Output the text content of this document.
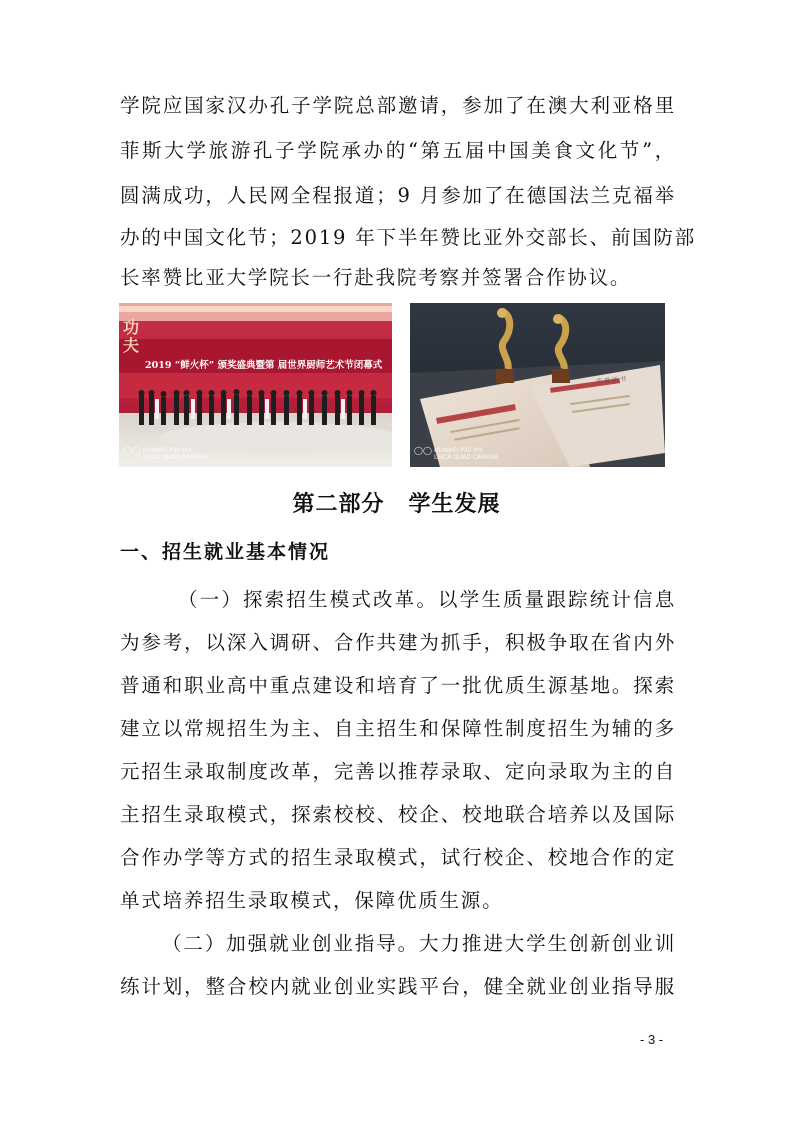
学院应国家汉办孔子学院总部邀请，参加了在澳大利亚格里
菲斯大学旅游孔子学院承办的“第五届中国美食文化节”，
圆满成功，人民网全程报道；9 月参加了在德国法兰克福举
办的中国文化节；2019 年下半年赞比亚外交部长、前国防部
长率赞比亚大学院长一行赴我院考察并签署合作协议。
功
夫
2019 “鲜火杯” 颁奖盛典暨第 届世界厨师艺术节闭幕式
◯◯ HUAWEI P30 Pro
LEICA QUAD CAMERA
荣誉证书
◯◯ HUAWEI P30 Pro
LEICA QUAD CAMERA
第二部分 学生发展
一、招生就业基本情况
（一）探索招生模式改革。以学生质量跟踪统计信息
为参考，以深入调研、合作共建为抓手，积极争取在省内外
普通和职业高中重点建设和培育了一批优质生源基地。探索
建立以常规招生为主、自主招生和保障性制度招生为辅的多
元招生录取制度改革，完善以推荐录取、定向录取为主的自
主招生录取模式，探索校校、校企、校地联合培养以及国际
合作办学等方式的招生录取模式，试行校企、校地合作的定
单式培养招生录取模式，保障优质生源。
（二）加强就业创业指导。大力推进大学生创新创业训
练计划，整合校内就业创业实践平台，健全就业创业指导服
- 3 -
